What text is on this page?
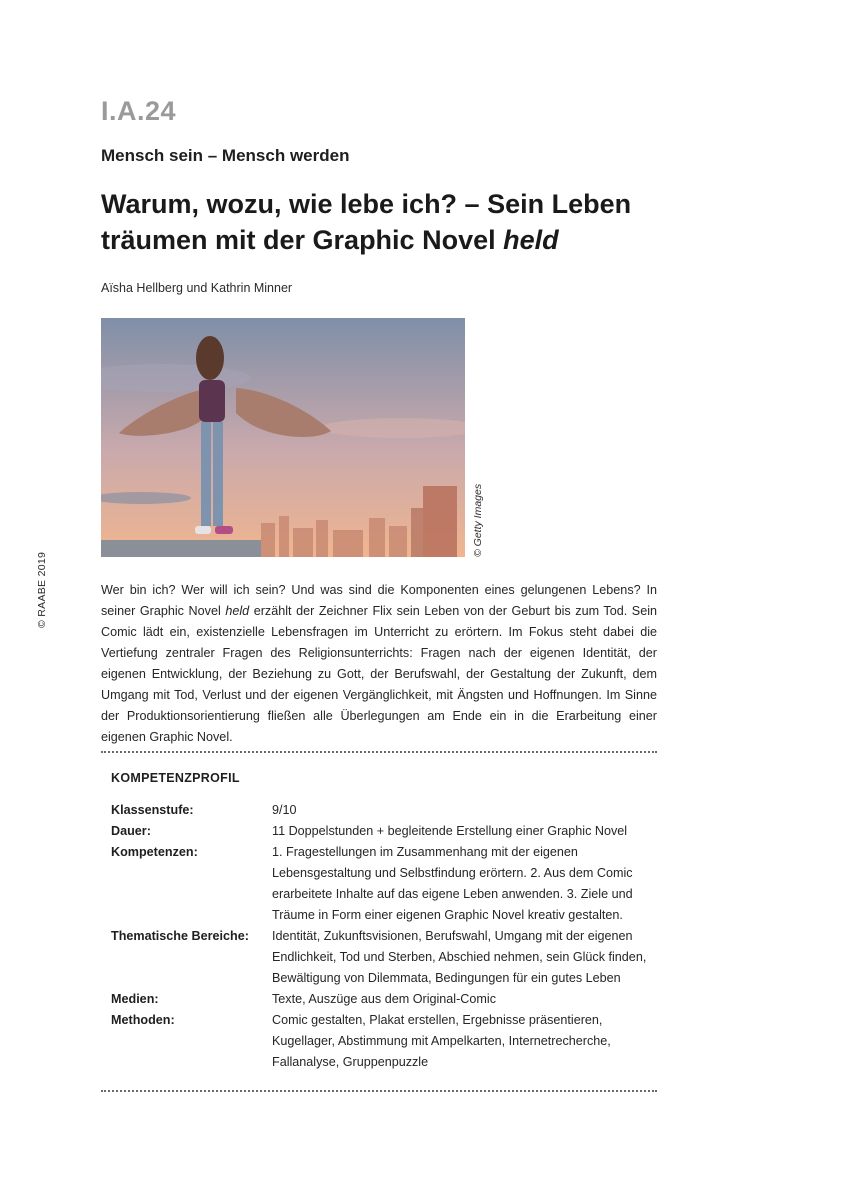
I.A.24
Mensch sein – Mensch werden
Warum, wozu, wie lebe ich? – Sein Leben
träumen mit der Graphic Novel held
Aïsha Hellberg und Kathrin Minner
© Getty Images
© RAABE 2019	Wer bin ich? Wer will ich sein? Und was sind die Komponenten eines gelungenen Lebens? In seiner Graphic Novel held erzählt der Zeichner Flix sein Leben von der Geburt bis zum Tod. Sein Comic lädt ein, existenzielle Lebensfragen im Unterricht zu erörtern. Im Fokus steht dabei die Vertiefung zentraler Fragen des Religionsunterrichts: Fragen nach der eigenen Identität, der eigenen Entwicklung, der Beziehung zu Gott, der Berufswahl, der Gestaltung der Zukunft, dem Umgang mit Tod, Verlust und der eigenen Vergänglichkeit, mit Ängsten und Hoffnungen. Im Sinne der Produktionsorientierung fließen alle Überlegungen am Ende ein in die Erarbeitung einer eigenen Graphic Novel.

KOMPETENZPROFIL
Klassenstufe:	9/10
Dauer:	11 Doppelstunden + begleitende Erstellung einer Graphic Novel
Kompetenzen:	1. Fragestellungen im Zusammenhang mit der eigenen Lebensgestaltung und Selbstfindung erörtern. 2. Aus dem Comic erarbeitete Inhalte auf das eigene Leben anwenden. 3. Ziele und Träume in Form einer eigenen Graphic Novel kreativ gestalten.
Thematische Bereiche:	Identität, Zukunftsvisionen, Berufswahl, Umgang mit der eigenen Endlichkeit, Tod und Sterben, Abschied nehmen, sein Glück finden, Bewältigung von Dilemmata, Bedingungen für ein gutes Leben
Medien:	Texte, Auszüge aus dem Original-Comic
Methoden:	Comic gestalten, Plakat erstellen, Ergebnisse präsentieren, Kugellager, Abstimmung mit Ampelkarten, Internetrecherche, Fallanalyse, Gruppenpuzzle
